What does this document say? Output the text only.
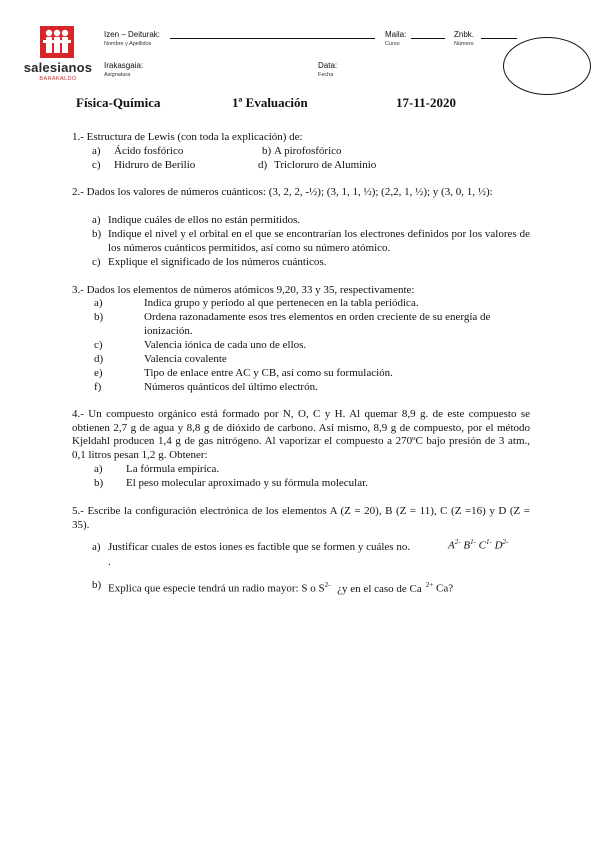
salesianos
BARAKALDO
Izen – Deiturak:
Nombre y Apellidos
Maila:
Curso
Znbk.
Número
Irakasgaia:
Asignatura
Data:
Fecha
Física-Química	1ª Evaluación	17-11-2020
1.- Estructura de Lewis (con toda la explicación) de:
a) Ácido fosfórico	b) A pirofosfórico
c) Hidruro de Berilio	d) Tricloruro de Aluminio
2.- Dados los valores de números cuánticos: (3, 2, 2, -½); (3, 1, 1, ½); (2,2, 1, ½); y (3, 0, 1, ½):
a) Indique cuáles de ellos no están permitidos.
b) Indique el nivel y el orbital en el que se encontrarían los electrones definidos por los valores de los números cuánticos permitidos, así como su número atómico.
c) Explique el significado de los números cuánticos.
3.- Dados los elementos de números atómicos 9,20, 33 y 35, respectivamente:
a)	Indica grupo y periodo al que pertenecen en la tabla periódica.
b)	Ordena razonadamente esos tres elementos en orden creciente de su energía de ionización.
c)	Valencia iónica de cada uno de ellos.
d)	Valencia covalente
e)	Tipo de enlace entre AC y CB, así como su formulación.
f)	Números quánticos del último electrón.
4.- Un compuesto orgánico está formado por N, O, C y H. Al quemar 8,9 g. de este compuesto se obtienen 2,7 g de agua y 8,8 g de dióxido de carbono. Así mismo, 8,9 g de compuesto, por el método Kjeldahl producen 1,4 g de gas nitrógeno. Al vaporizar el compuesto a 270ºC bajo presión de 3 atm., 0,1 litros pesan 1,2 g. Obtener:
a) La fórmula empírica.
b) El peso molecular aproximado y su fórmula molecular.
5.- Escribe la configuración electrónica de los elementos A (Z = 20), B (Z = 11), C (Z =16) y D (Z = 35).
a) Justificar cuales de estos iones es factible que se formen y cuáles no.	$A^{2-}$ $B^{1-}$ $C^{1-}$ $D^{2-}$
.
b) Explica que especie tendrá un radio mayor: S o $S^{2-}$ ¿y en el caso de Ca $^{2+}$ Ca?
